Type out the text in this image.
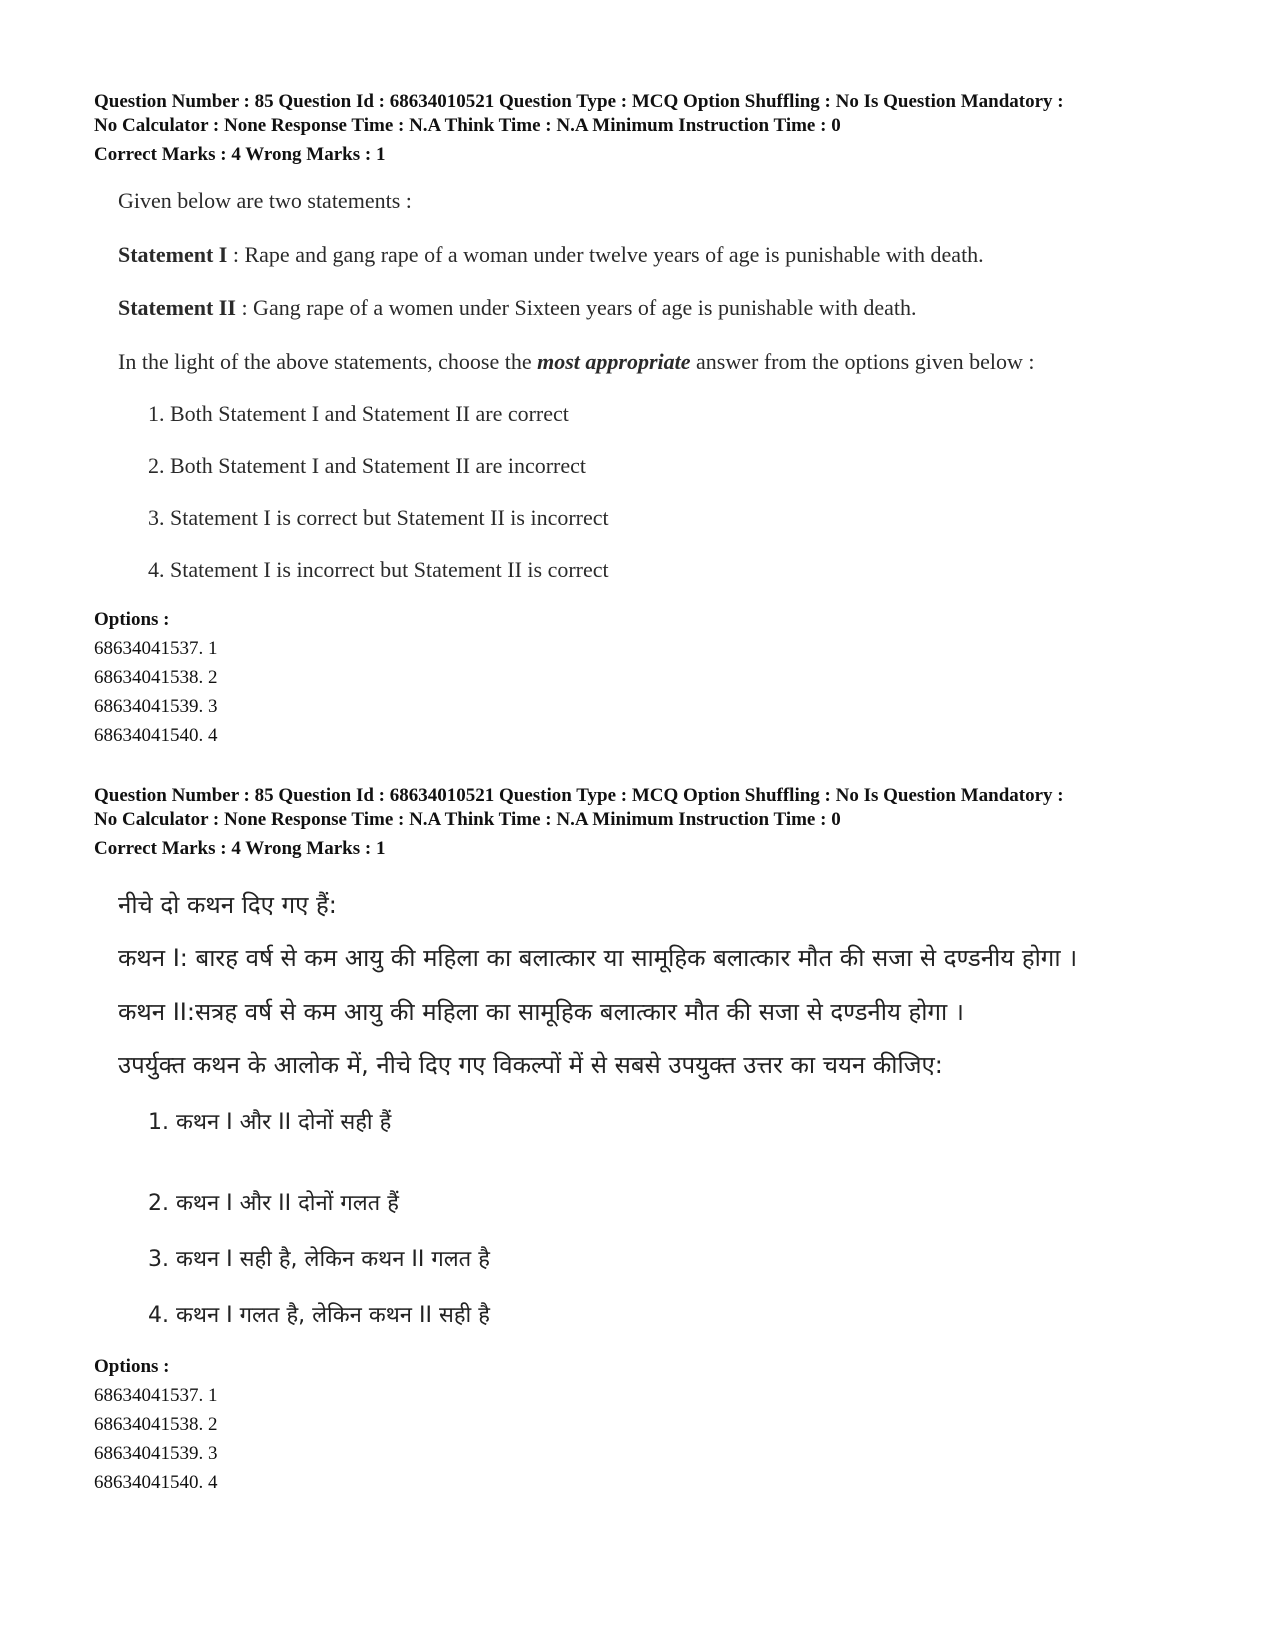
Question Number : 85 Question Id : 68634010521 Question Type : MCQ Option Shuffling : No Is Question Mandatory :

No Calculator : None Response Time : N.A Think Time : N.A Minimum Instruction Time : 0

Correct Marks : 4 Wrong Marks : 1

Given below are two statements :

Statement I : Rape and gang rape of a woman under twelve years of age is punishable with death.

Statement II : Gang rape of a women under Sixteen years of age is punishable with death.

In the light of the above statements, choose the most appropriate answer from the options given below :

1. Both Statement I and Statement II are correct

2. Both Statement I and Statement II are incorrect

3. Statement I is correct but Statement II is incorrect

4. Statement I is incorrect but Statement II is correct

Options :
68634041537. 1
68634041538. 2
68634041539. 3
68634041540. 4

Question Number : 85 Question Id : 68634010521 Question Type : MCQ Option Shuffling : No Is Question Mandatory :

No Calculator : None Response Time : N.A Think Time : N.A Minimum Instruction Time : 0

Correct Marks : 4 Wrong Marks : 1

नीचे दो कथन दिए गए हैं:

कथन I: बारह वर्ष से कम आयु की महिला का बलात्कार या सामूहिक बलात्कार मौत की सजा से दण्डनीय होगा ।

कथन II:सत्रह वर्ष से कम आयु की महिला का सामूहिक बलात्कार मौत की सजा से दण्डनीय होगा ।

उपर्युक्त कथन के आलोक में, नीचे दिए गए विकल्पों में से सबसे उपयुक्त उत्तर का चयन कीजिए:

1. कथन I और II दोनों सही हैं

2. कथन I और II दोनों गलत हैं

3. कथन I सही है, लेकिन कथन II गलत है

4. कथन I गलत है, लेकिन कथन II सही है

Options :
68634041537. 1
68634041538. 2
68634041539. 3
68634041540. 4
